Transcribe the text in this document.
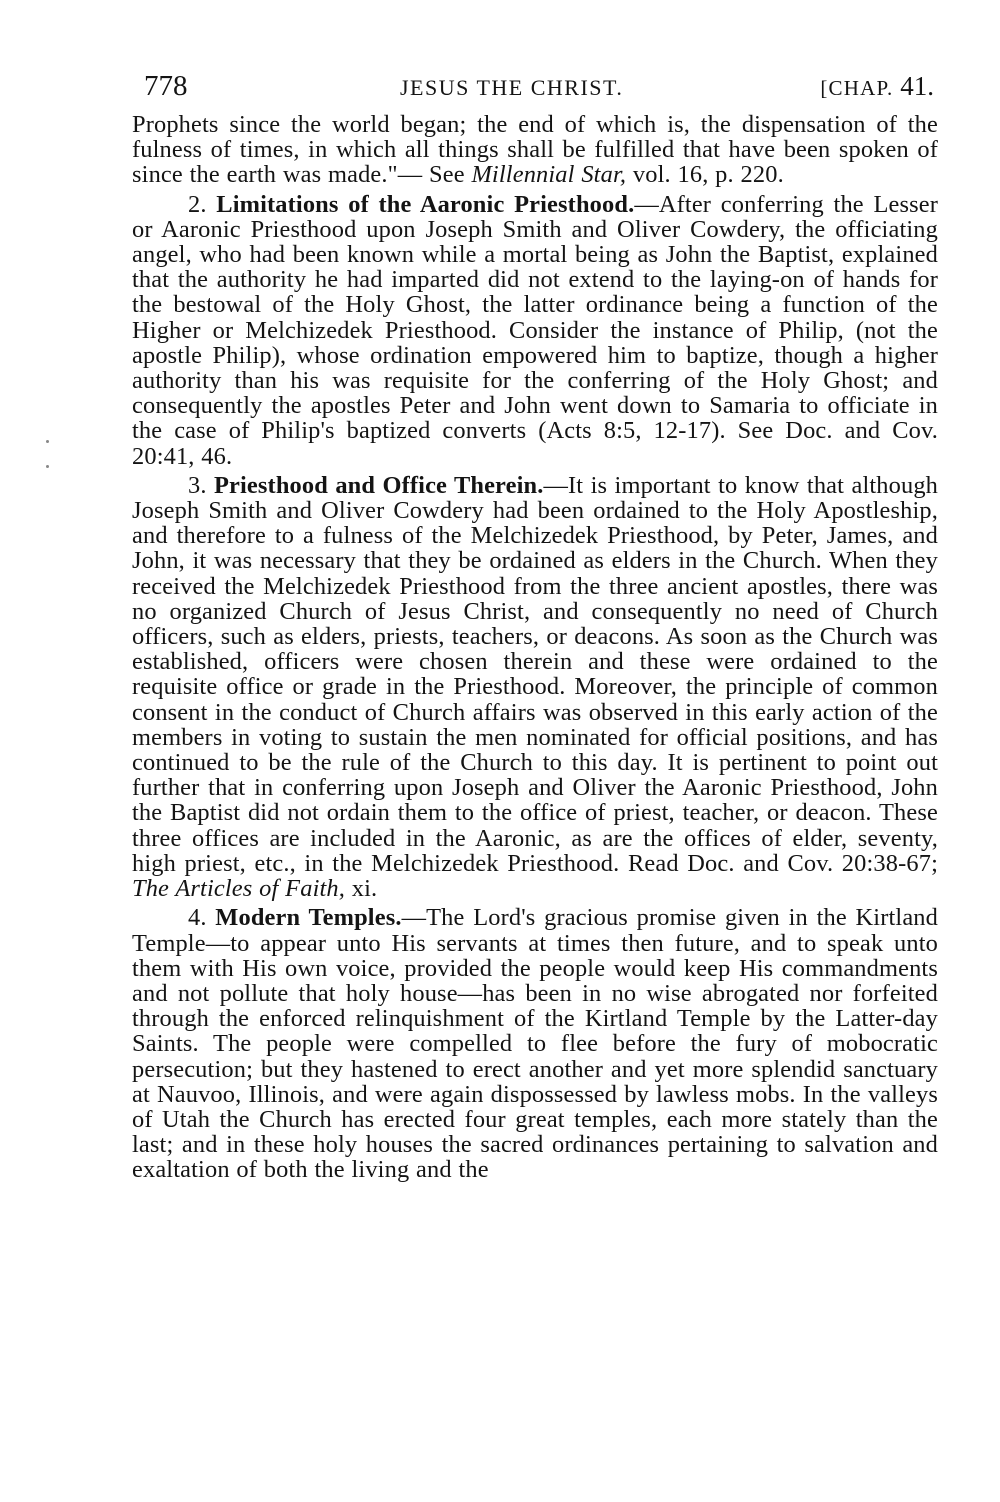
778	JESUS THE CHRIST.	[CHAP. 41.

Prophets since the world began; the end of which is, the dispensation of the fulness of times, in which all things shall be fulfilled that have been spoken of since the earth was made."— See Millennial Star, vol. 16, p. 220.

2. Limitations of the Aaronic Priesthood.—After conferring the Lesser or Aaronic Priesthood upon Joseph Smith and Oliver Cowdery, the officiating angel, who had been known while a mortal being as John the Baptist, explained that the authority he had imparted did not extend to the laying-on of hands for the bestowal of the Holy Ghost, the latter ordinance being a function of the Higher or Melchizedek Priesthood. Consider the instance of Philip, (not the apostle Philip), whose ordination empowered him to baptize, though a higher authority than his was requisite for the conferring of the Holy Ghost; and consequently the apostles Peter and John went down to Samaria to officiate in the case of Philip's baptized converts (Acts 8:5, 12-17). See Doc. and Cov. 20:41, 46.

3. Priesthood and Office Therein.—It is important to know that although Joseph Smith and Oliver Cowdery had been ordained to the Holy Apostleship, and therefore to a fulness of the Melchizedek Priesthood, by Peter, James, and John, it was necessary that they be ordained as elders in the Church. When they received the Melchizedek Priesthood from the three ancient apostles, there was no organized Church of Jesus Christ, and consequently no need of Church officers, such as elders, priests, teachers, or deacons. As soon as the Church was established, officers were chosen therein and these were ordained to the requisite office or grade in the Priesthood. Moreover, the principle of common consent in the conduct of Church affairs was observed in this early action of the members in voting to sustain the men nominated for official positions, and has continued to be the rule of the Church to this day. It is pertinent to point out further that in conferring upon Joseph and Oliver the Aaronic Priesthood, John the Baptist did not ordain them to the office of priest, teacher, or deacon. These three offices are included in the Aaronic, as are the offices of elder, seventy, high priest, etc., in the Melchizedek Priesthood. Read Doc. and Cov. 20:38-67; The Articles of Faith, xi.

4. Modern Temples.—The Lord's gracious promise given in the Kirtland Temple—to appear unto His servants at times then future, and to speak unto them with His own voice, provided the people would keep His commandments and not pollute that holy house—has been in no wise abrogated nor forfeited through the enforced relinquishment of the Kirtland Temple by the Latter-day Saints. The people were compelled to flee before the fury of mobocratic persecution; but they hastened to erect another and yet more splendid sanctuary at Nauvoo, Illinois, and were again dispossessed by lawless mobs. In the valleys of Utah the Church has erected four great temples, each more stately than the last; and in these holy houses the sacred ordinances pertaining to salvation and exaltation of both the living and the
